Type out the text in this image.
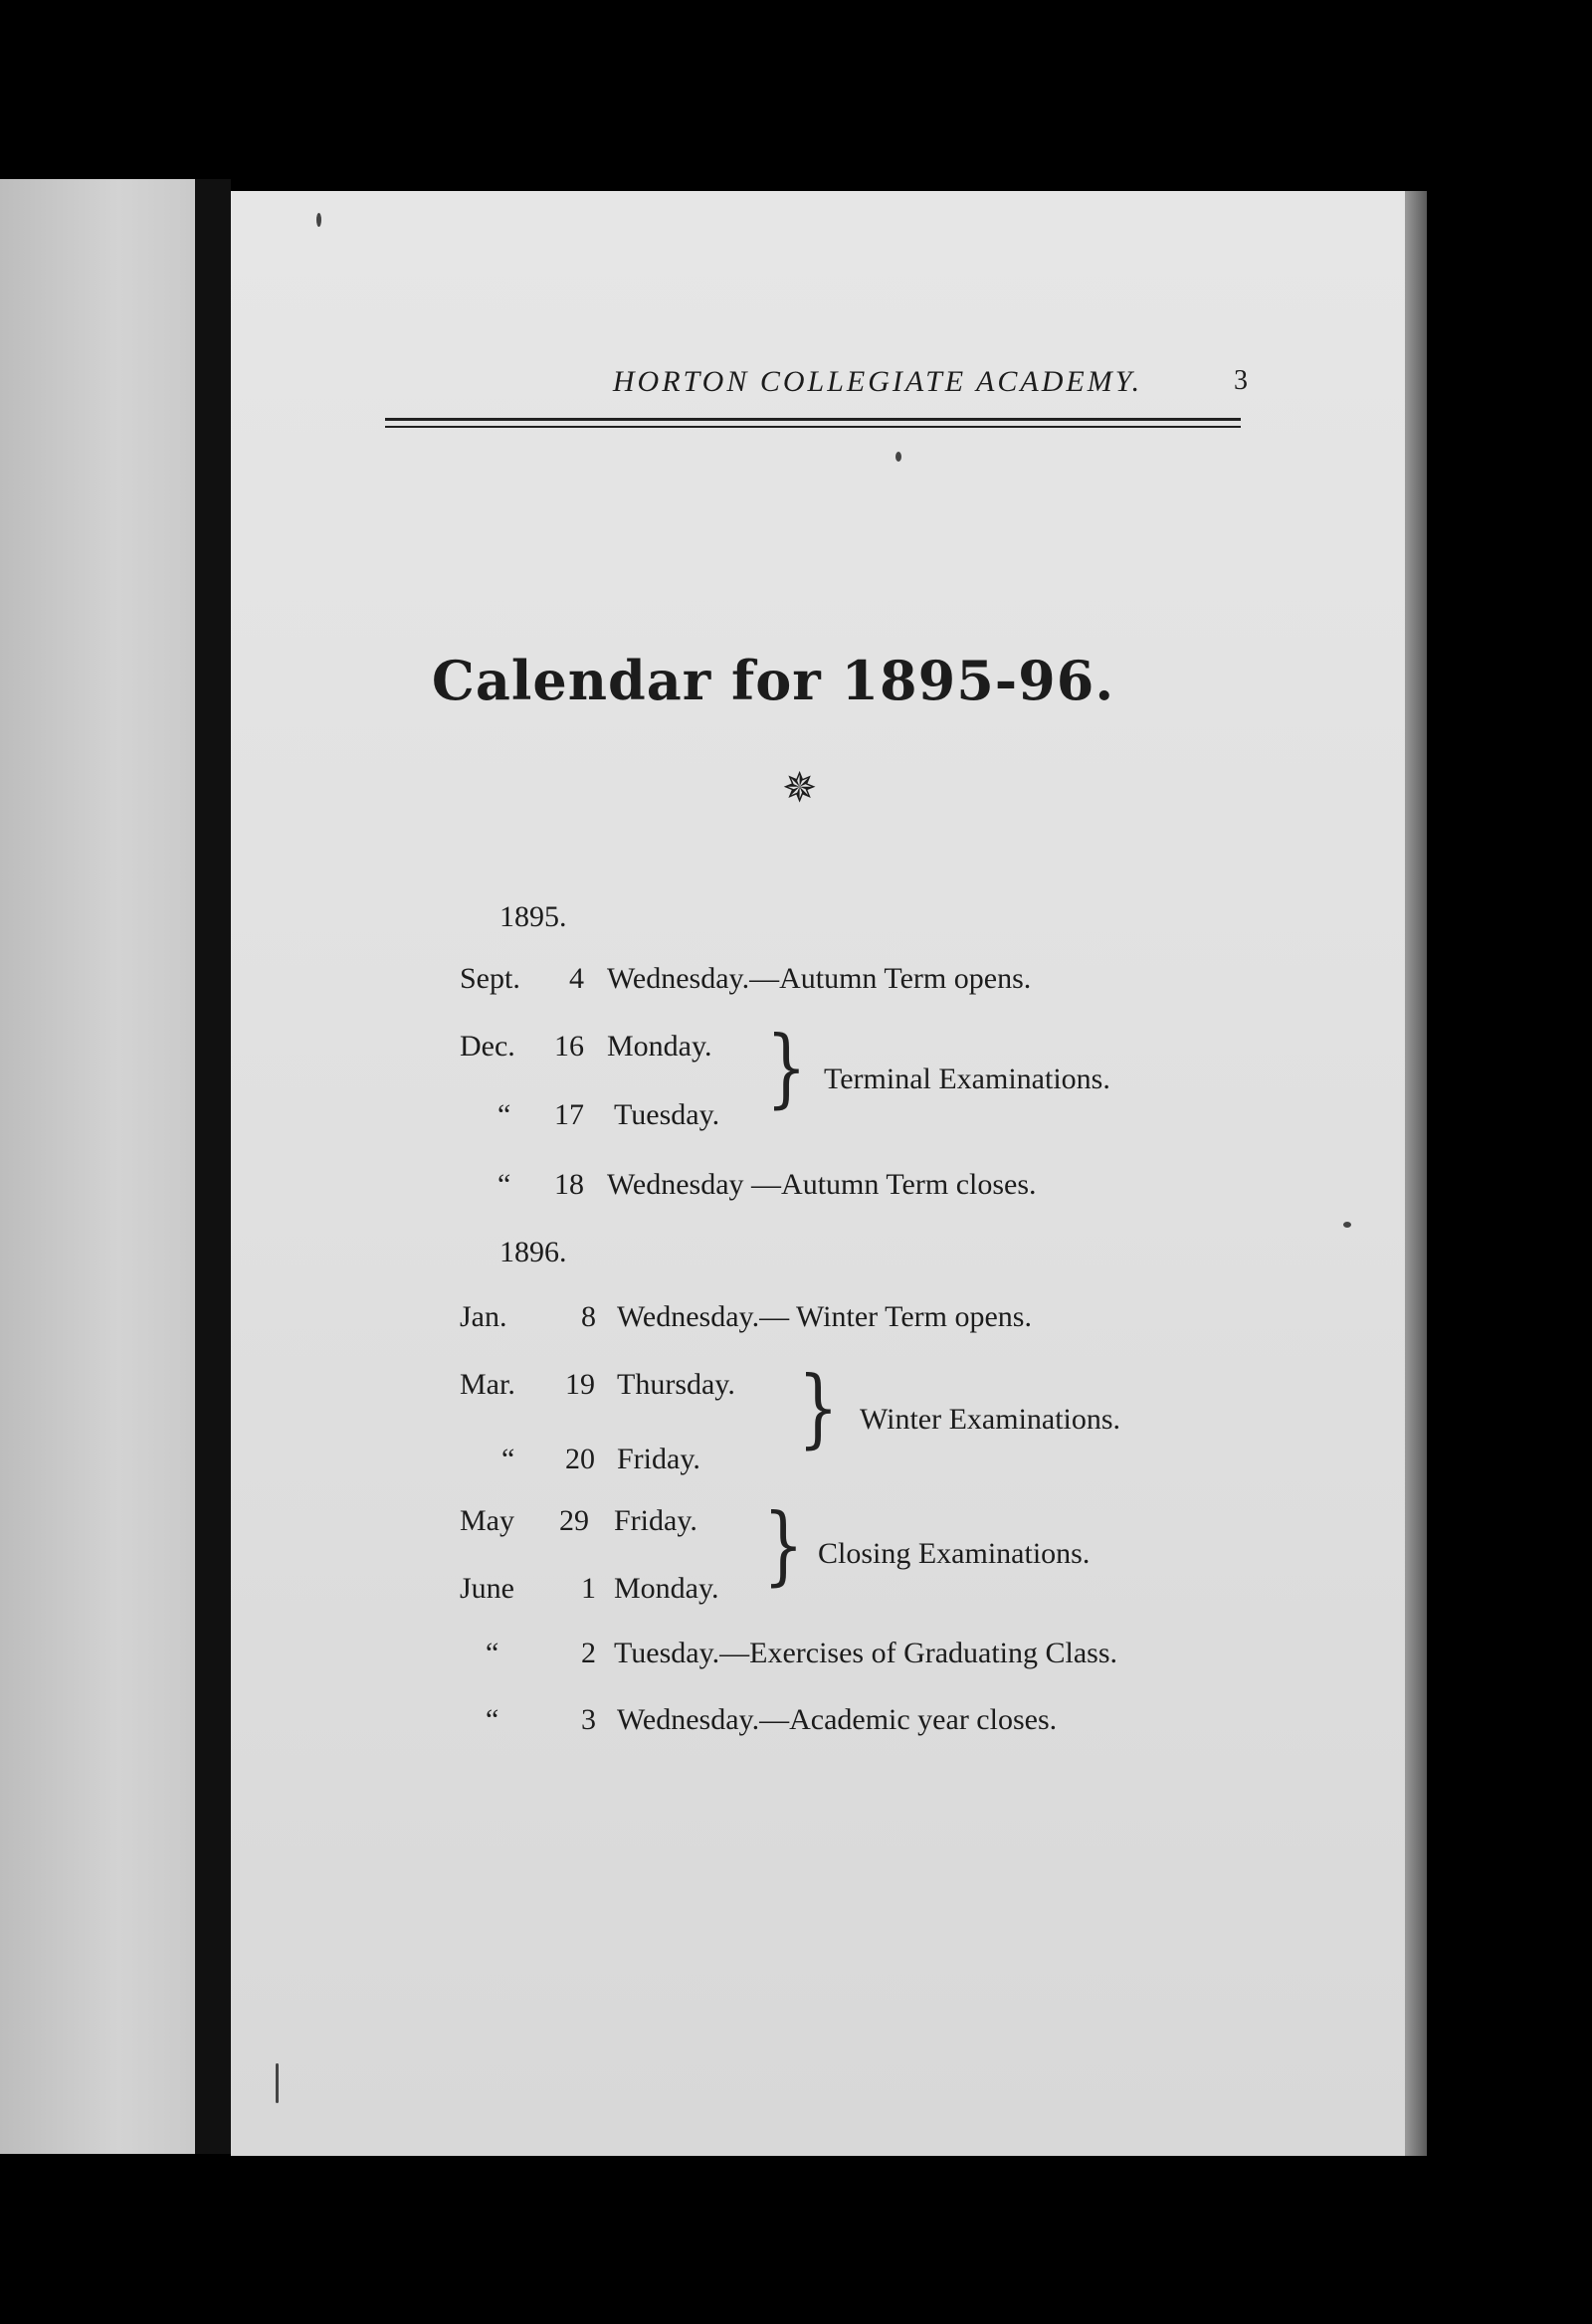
HORTON COLLEGIATE ACADEMY.	3
Calendar for 1895-96.
✵
1895.
Sept. 4 Wednesday.—Autumn Term opens.
Dec. 16 Monday.
“ 17 Tuesday. } Terminal Examinations.
“ 18 Wednesday —Autumn Term closes.
1896.
Jan. 8 Wednesday.— Winter Term opens.
Mar. 19 Thursday.
“ 20 Friday.
} Winter Examinations.
May 29 Friday.
June 1 Monday. } Closing Examinations.
“	2 Tuesday.—Exercises of Graduating Class.
“	3 Wednesday.—Academic year closes.
